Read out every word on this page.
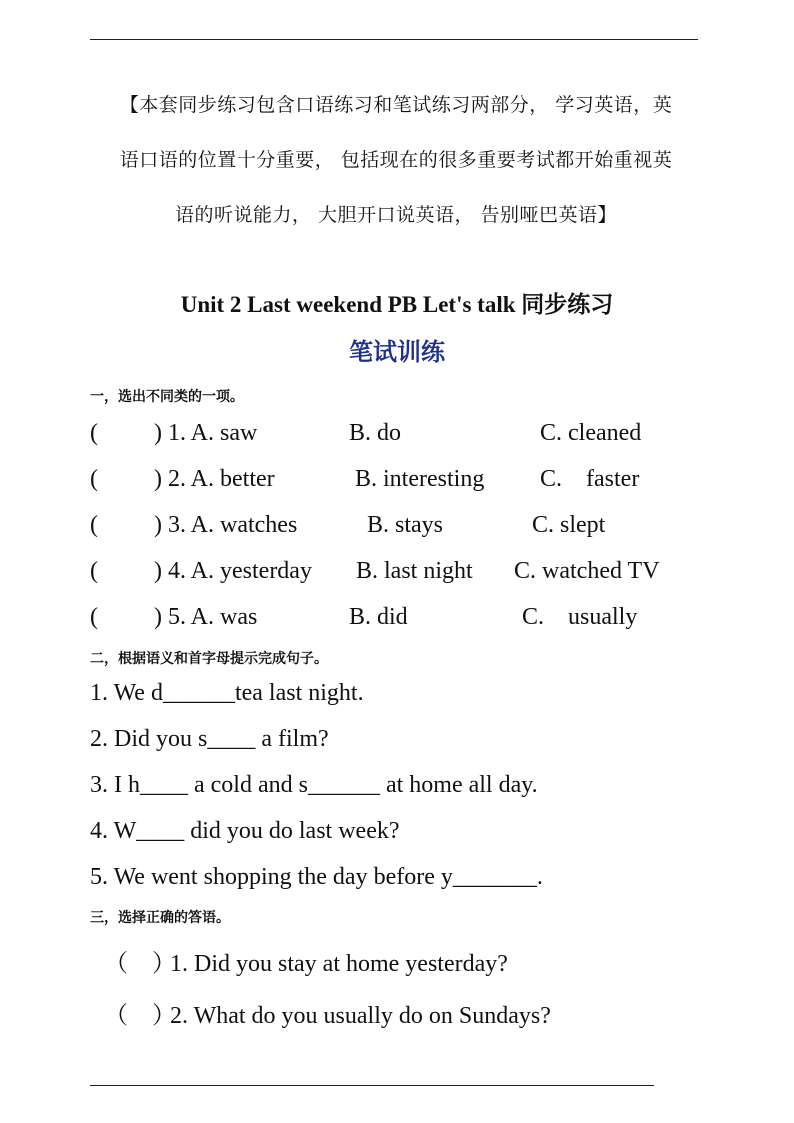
【本套同步练习包含口语练习和笔试练习两部分， 学习英语，英
语口语的位置十分重要， 包括现在的很多重要考试都开始重视英
语的听说能力， 大胆开口说英语， 告别哑巴英语】
Unit 2 Last weekend PB Let's talk 同步练习
笔试训练
一，选出不同类的一项。
( ) 1. A. saw	B. do	C. cleaned
( ) 2. A. better	B. interesting C.    faster
( ) 3. A. watches	B. stays	C. slept
( ) 4. A. yesterday B. last night C. watched TV
( ) 5. A. was	B. did	C.    usually
二，根据语义和首字母提示完成句子。
1. We d______tea last night.
2. Did you s____ a film?
3. I h____ a cold and s______ at home all day.
4. W____ did you do last week?
5. We went shopping the day before y_______.
三，选择正确的答语。
（    ）1. Did you stay at home yesterday?
（    ）2. What do you usually do on Sundays?
